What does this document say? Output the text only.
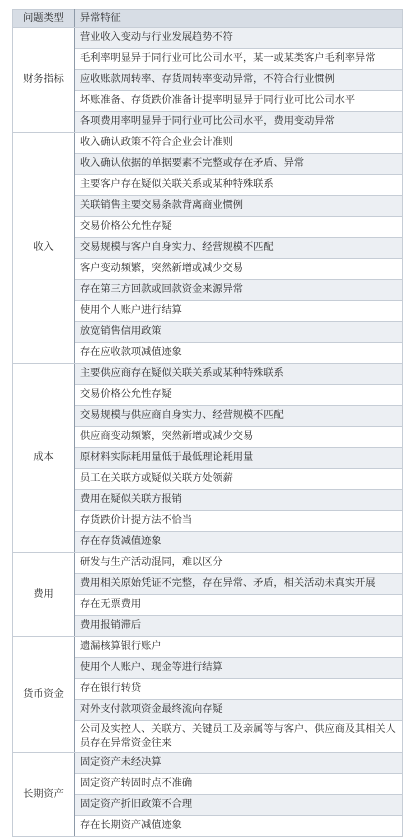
问题类型	异常特征
财务指标	营业收入变动与行业发展趋势不符
	毛利率明显异于同行业可比公司水平，某一或某类客户毛利率异常
	应收账款周转率、存货周转率变动异常，不符合行业惯例
	坏账准备、存货跌价准备计提率明显异于同行业可比公司水平
	各项费用率明显异于同行业可比公司水平，费用变动异常
收入	收入确认政策不符合企业会计准则
	收入确认依据的单据要素不完整或存在矛盾、异常
	主要客户存在疑似关联关系或某种特殊联系
	关联销售主要交易条款背离商业惯例
	交易价格公允性存疑
	交易规模与客户自身实力、经营规模不匹配
	客户变动频繁，突然新增或减少交易
	存在第三方回款或回款资金来源异常
	使用个人账户进行结算
	放宽销售信用政策
	存在应收款项减值迹象
成本	主要供应商存在疑似关联关系或某种特殊联系
	交易价格公允性存疑
	交易规模与供应商自身实力、经营规模不匹配
	供应商变动频繁，突然新增或减少交易
	原材料实际耗用量低于最低理论耗用量
	员工在关联方或疑似关联方处领薪
	费用在疑似关联方报销
	存货跌价计提方法不恰当
	存在存货减值迹象
费用	研发与生产活动混同，难以区分
	费用相关原始凭证不完整，存在异常、矛盾，相关活动未真实开展
	存在无票费用
	费用报销滞后
货币资金	遗漏核算银行账户
	使用个人账户、现金等进行结算
	存在银行转贷
	对外支付款项资金最终流向存疑
	公司及实控人、关联方、关键员工及亲属等与客户、供应商及其相关人员存在异常资金往来
长期资产	固定资产未经决算
	固定资产转固时点不准确
	固定资产折旧政策不合理
	存在长期资产减值迹象
